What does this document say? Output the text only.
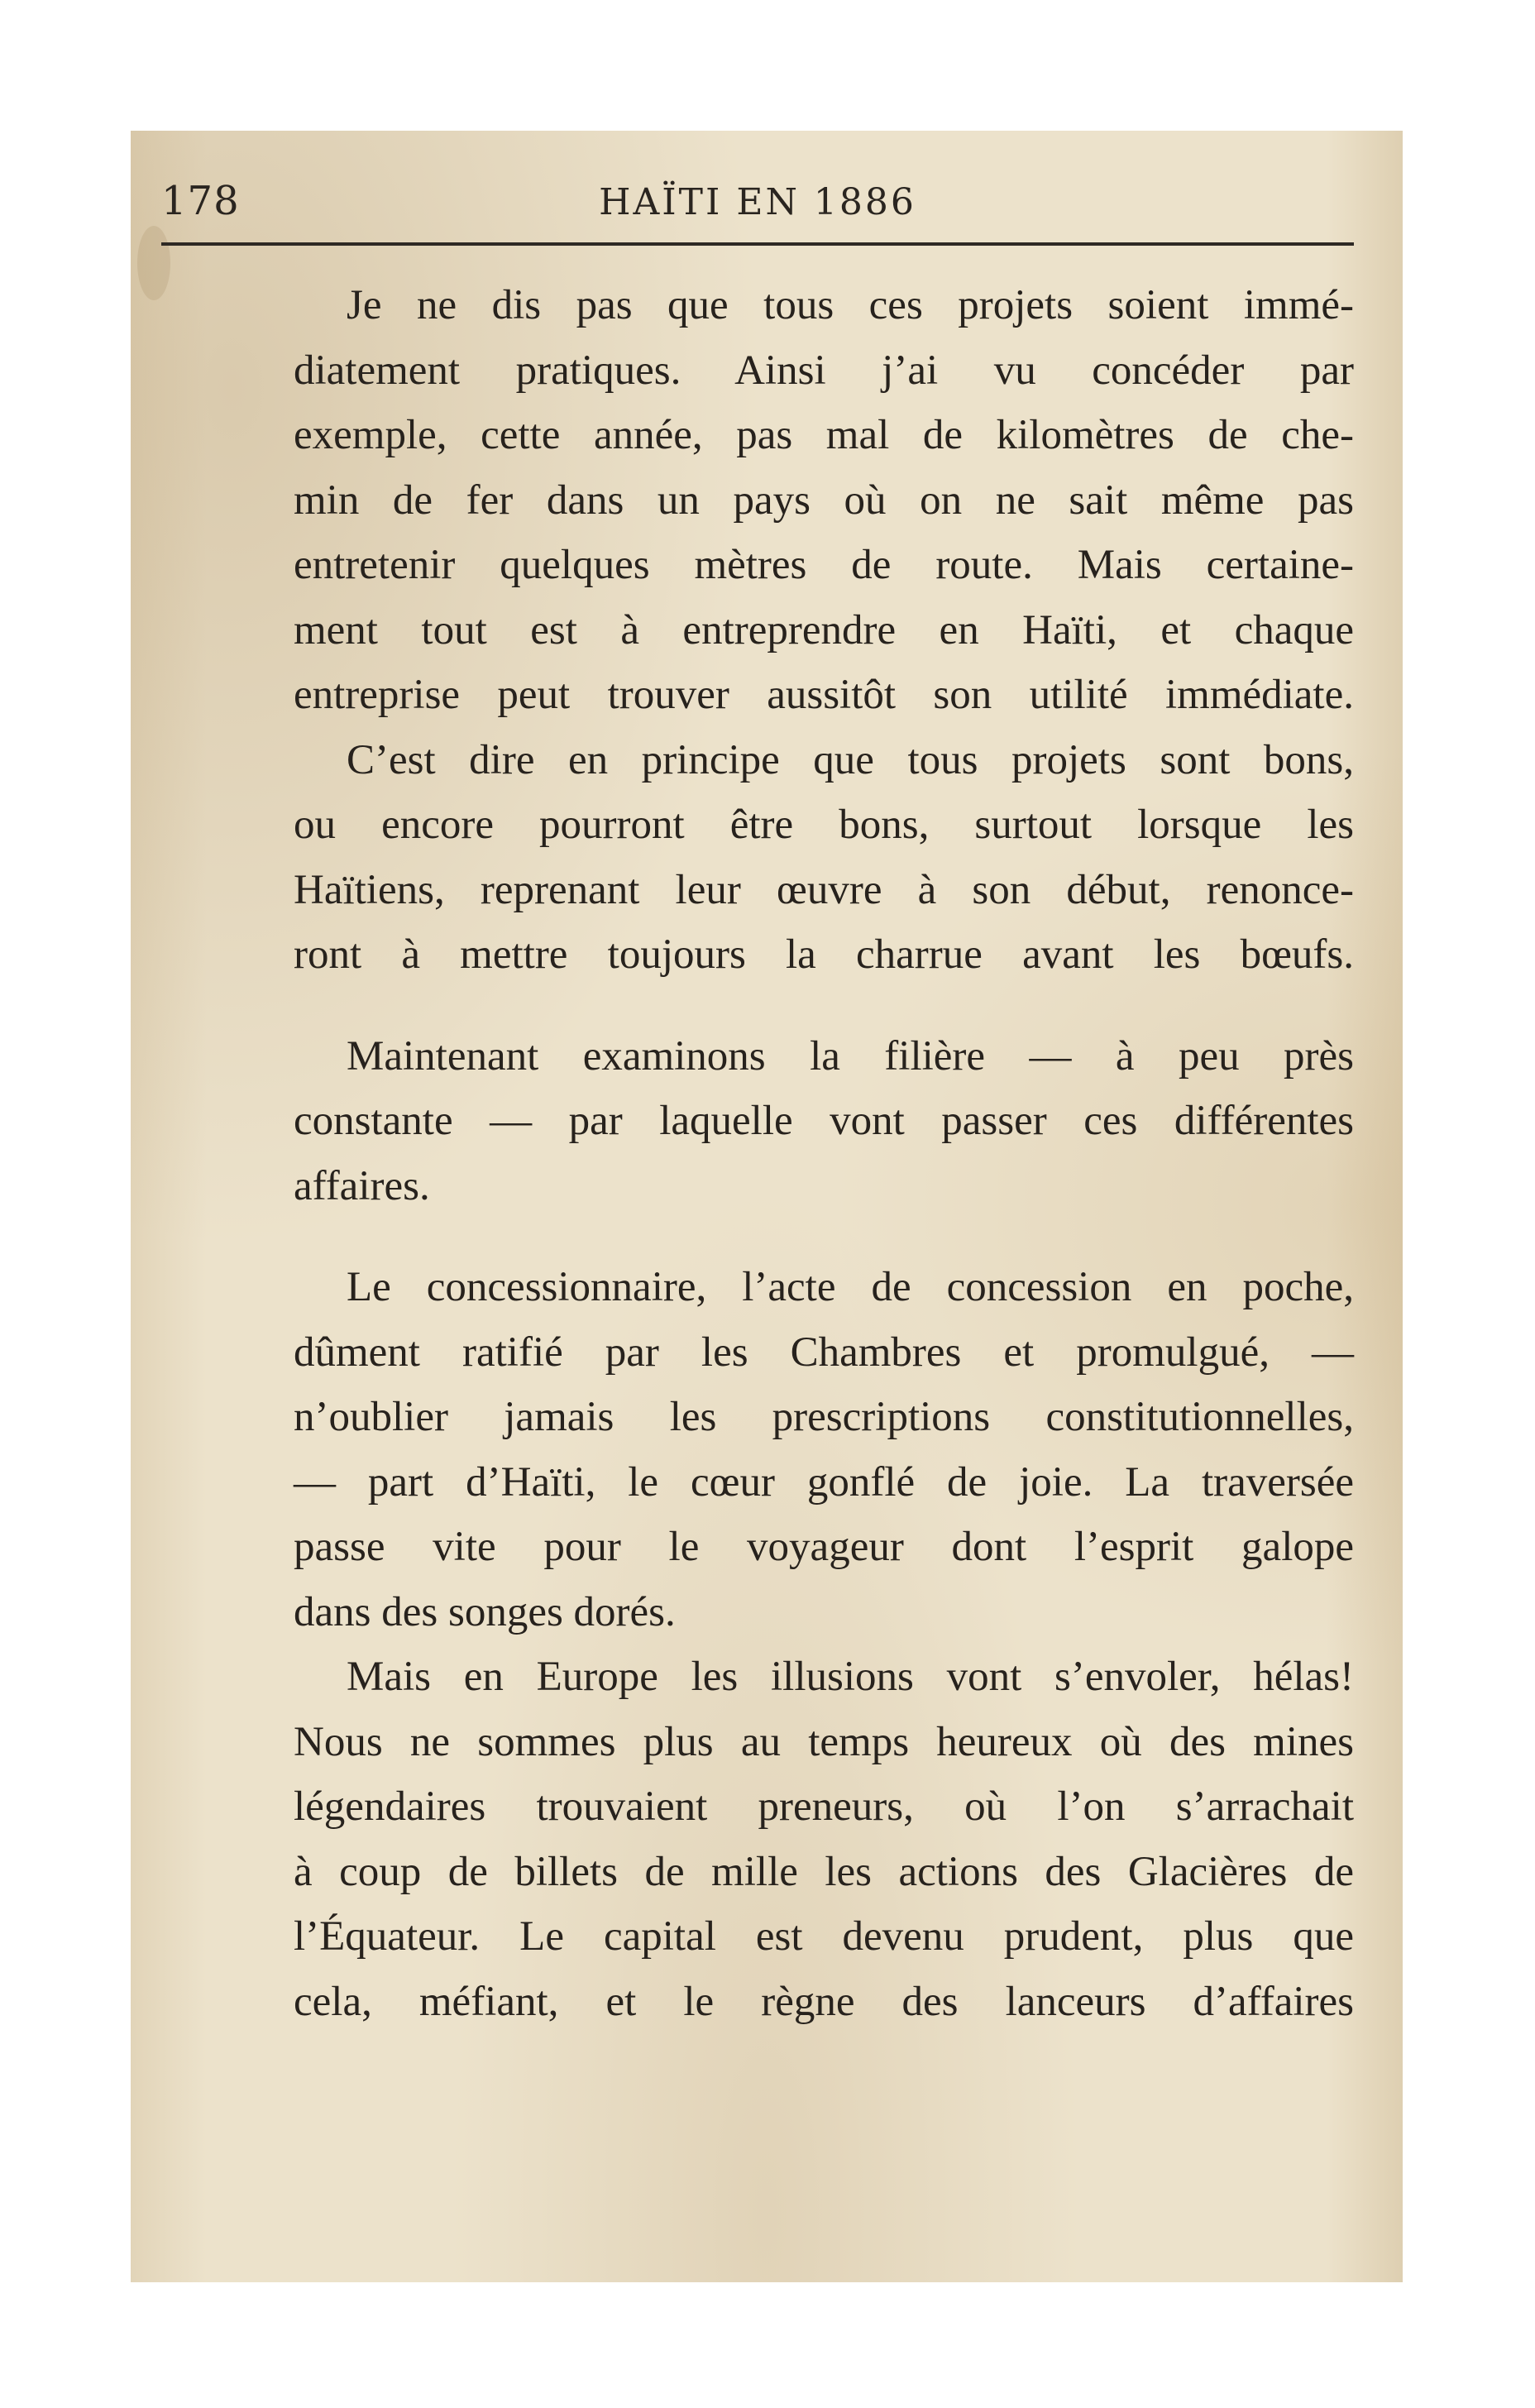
178	HAÏTI EN 1886
Je ne dis pas que tous ces projets soient immé-
diatement pratiques. Ainsi j’ai vu concéder par
exemple, cette année, pas mal de kilomètres de che-
min de fer dans un pays où on ne sait même pas
entretenir quelques mètres de route. Mais certaine-
ment tout est à entreprendre en Haïti, et chaque
entreprise peut trouver aussitôt son utilité immédiate.
C’est dire en principe que tous projets sont bons,
ou encore pourront être bons, surtout lorsque les
Haïtiens, reprenant leur œuvre à son début, renonce-
ront à mettre toujours la charrue avant les bœufs.
Maintenant examinons la filière — à peu près
constante — par laquelle vont passer ces différentes
affaires.
Le concessionnaire, l’acte de concession en poche,
dûment ratifié par les Chambres et promulgué, —
n’oublier jamais les prescriptions constitutionnelles,
— part d’Haïti, le cœur gonflé de joie. La traversée
passe vite pour le voyageur dont l’esprit galope
dans des songes dorés.
Mais en Europe les illusions vont s’envoler, hélas!
Nous ne sommes plus au temps heureux où des mines
légendaires trouvaient preneurs, où l’on s’arrachait
à coup de billets de mille les actions des Glacières de
l’Équateur. Le capital est devenu prudent, plus que
cela, méfiant, et le règne des lanceurs d’affaires
